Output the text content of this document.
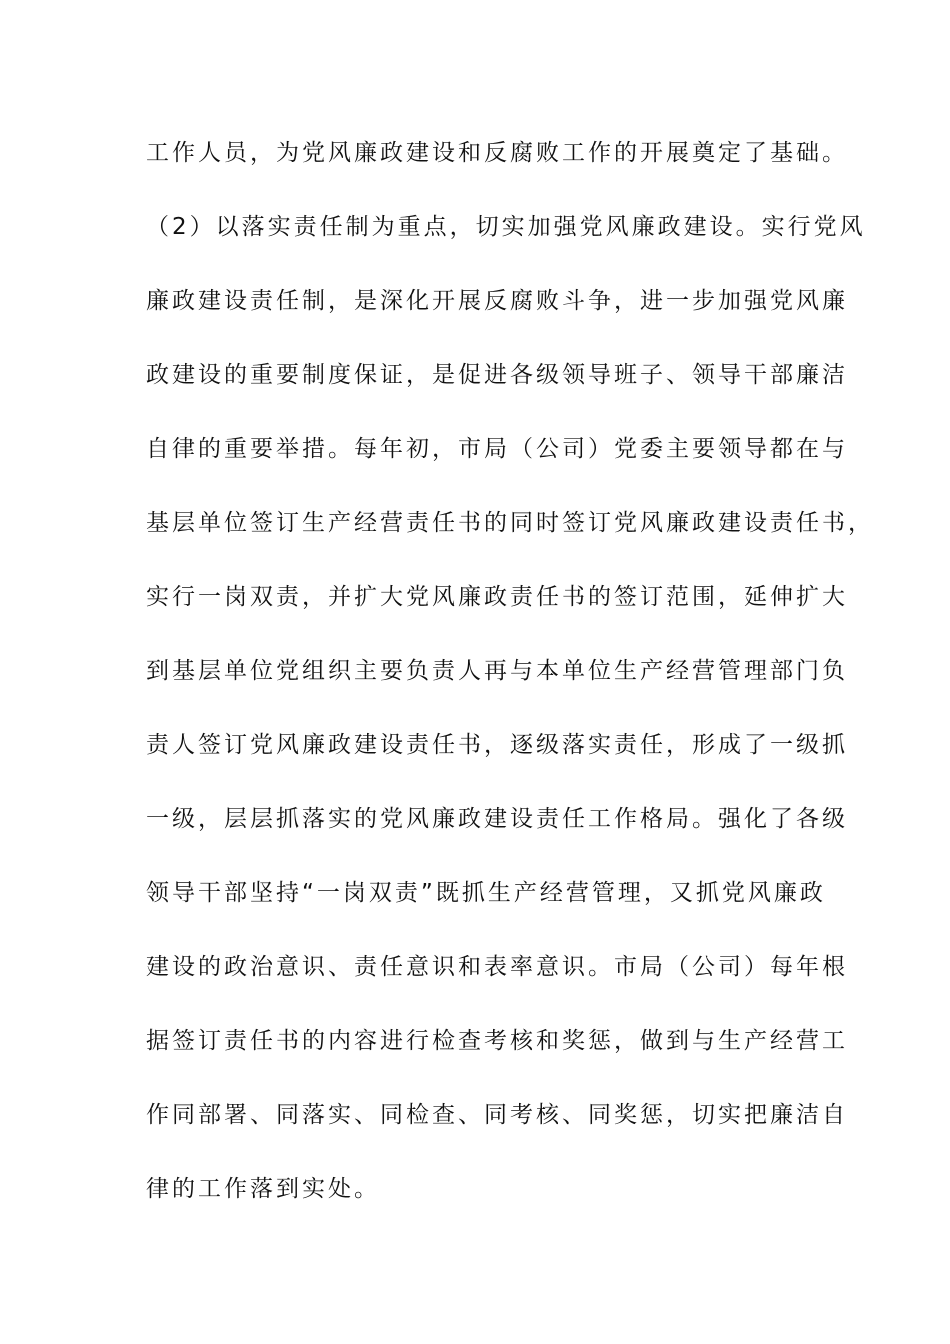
工作人员，为党风廉政建设和反腐败工作的开展奠定了基础。
（2）以落实责任制为重点，切实加强党风廉政建设。实行党风
廉政建设责任制，是深化开展反腐败斗争，进一步加强党风廉
政建设的重要制度保证，是促进各级领导班子、领导干部廉洁
自律的重要举措。每年初，市局（公司）党委主要领导都在与
基层单位签订生产经营责任书的同时签订党风廉政建设责任书，
实行一岗双责，并扩大党风廉政责任书的签订范围，延伸扩大
到基层单位党组织主要负责人再与本单位生产经营管理部门负
责人签订党风廉政建设责任书，逐级落实责任，形成了一级抓
一级，层层抓落实的党风廉政建设责任工作格局。强化了各级
领导干部坚持“一岗双责”既抓生产经营管理，又抓党风廉政
建设的政治意识、责任意识和表率意识。市局（公司）每年根
据签订责任书的内容进行检查考核和奖惩，做到与生产经营工
作同部署、同落实、同检查、同考核、同奖惩，切实把廉洁自
律的工作落到实处。
